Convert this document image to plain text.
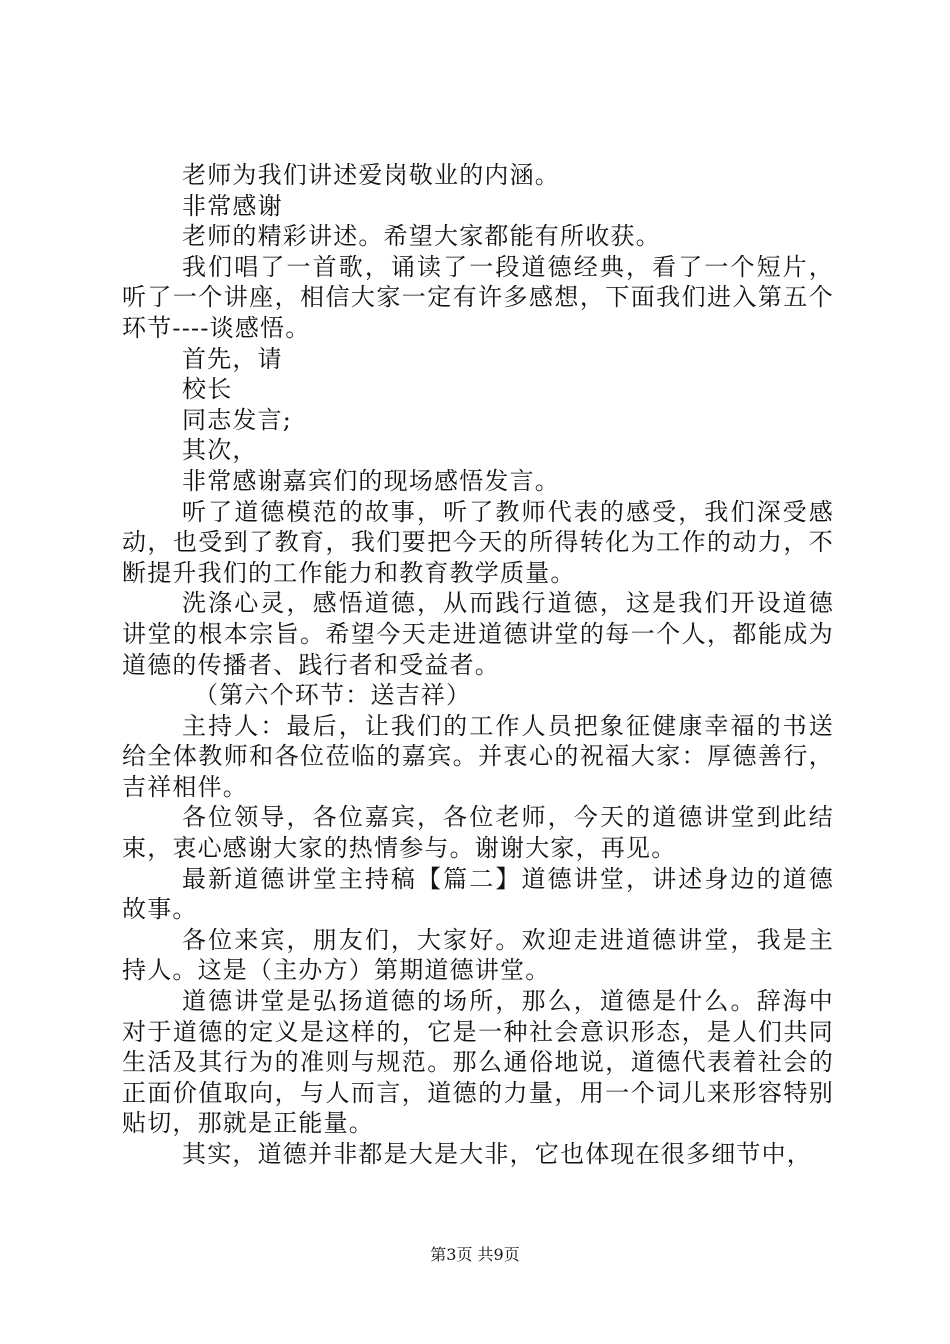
老师为我们讲述爱岗敬业的内涵。

非常感谢

老师的精彩讲述。希望大家都能有所收获。

我们唱了一首歌，诵读了一段道德经典，看了一个短片，听了一个讲座，相信大家一定有许多感想，下面我们进入第五个环节----谈感悟。

首先，请

校长

同志发言;

其次，

非常感谢嘉宾们的现场感悟发言。

听了道德模范的故事，听了教师代表的感受，我们深受感动，也受到了教育，我们要把今天的所得转化为工作的动力，不断提升我们的工作能力和教育教学质量。

洗涤心灵，感悟道德，从而践行道德，这是我们开设道德讲堂的根本宗旨。希望今天走进道德讲堂的每一个人，都能成为道德的传播者、践行者和受益者。

（第六个环节：送吉祥）

主持人：最后，让我们的工作人员把象征健康幸福的书送给全体教师和各位莅临的嘉宾。并衷心的祝福大家：厚德善行，吉祥相伴。

各位领导，各位嘉宾，各位老师，今天的道德讲堂到此结束，衷心感谢大家的热情参与。谢谢大家，再见。

最新道德讲堂主持稿【篇二】道德讲堂，讲述身边的道德故事。

各位来宾，朋友们，大家好。欢迎走进道德讲堂，我是主持人。这是（主办方）第期道德讲堂。

道德讲堂是弘扬道德的场所，那么，道德是什么。辞海中对于道德的定义是这样的，它是一种社会意识形态，是人们共同生活及其行为的准则与规范。那么通俗地说，道德代表着社会的正面价值取向，与人而言，道德的力量，用一个词儿来形容特别贴切，那就是正能量。

其实，道德并非都是大是大非，它也体现在很多细节中，

第3页 共9页
